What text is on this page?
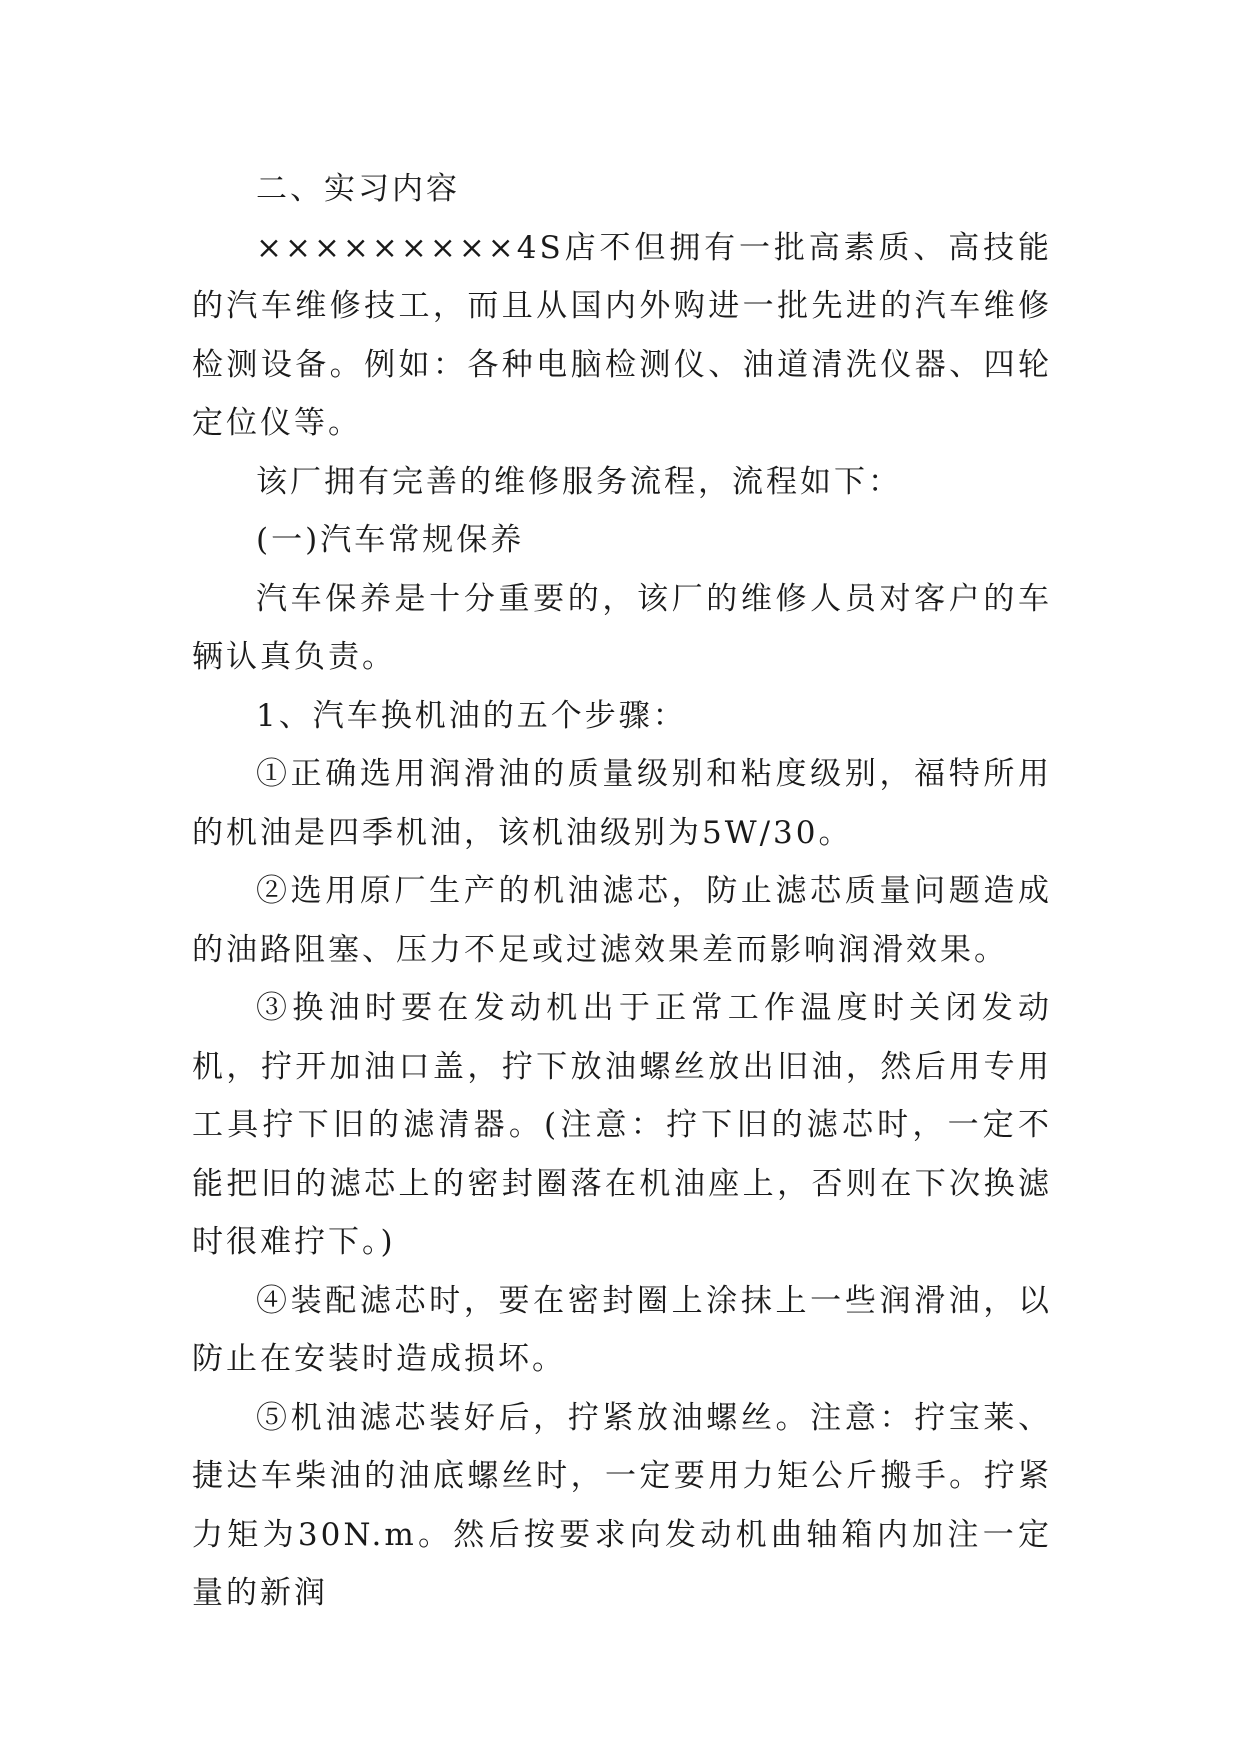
二、实习内容

×××××××××4S店不但拥有一批高素质、高技能的汽车维修技工，而且从国内外购进一批先进的汽车维修检测设备。例如：各种电脑检测仪、油道清洗仪器、四轮定位仪等。

该厂拥有完善的维修服务流程，流程如下：

(一)汽车常规保养

汽车保养是十分重要的，该厂的维修人员对客户的车辆认真负责。

1、汽车换机油的五个步骤：

①正确选用润滑油的质量级别和粘度级别，福特所用的机油是四季机油，该机油级别为5W/30。

②选用原厂生产的机油滤芯，防止滤芯质量问题造成的油路阻塞、压力不足或过滤效果差而影响润滑效果。

③换油时要在发动机出于正常工作温度时关闭发动机，拧开加油口盖，拧下放油螺丝放出旧油，然后用专用工具拧下旧的滤清器。(注意：拧下旧的滤芯时，一定不能把旧的滤芯上的密封圈落在机油座上，否则在下次换滤时很难拧下。)

④装配滤芯时，要在密封圈上涂抹上一些润滑油，以防止在安装时造成损坏。

⑤机油滤芯装好后，拧紧放油螺丝。注意：拧宝莱、捷达车柴油的油底螺丝时，一定要用力矩公斤搬手。拧紧力矩为30N.m。然后按要求向发动机曲轴箱内加注一定量的新润
